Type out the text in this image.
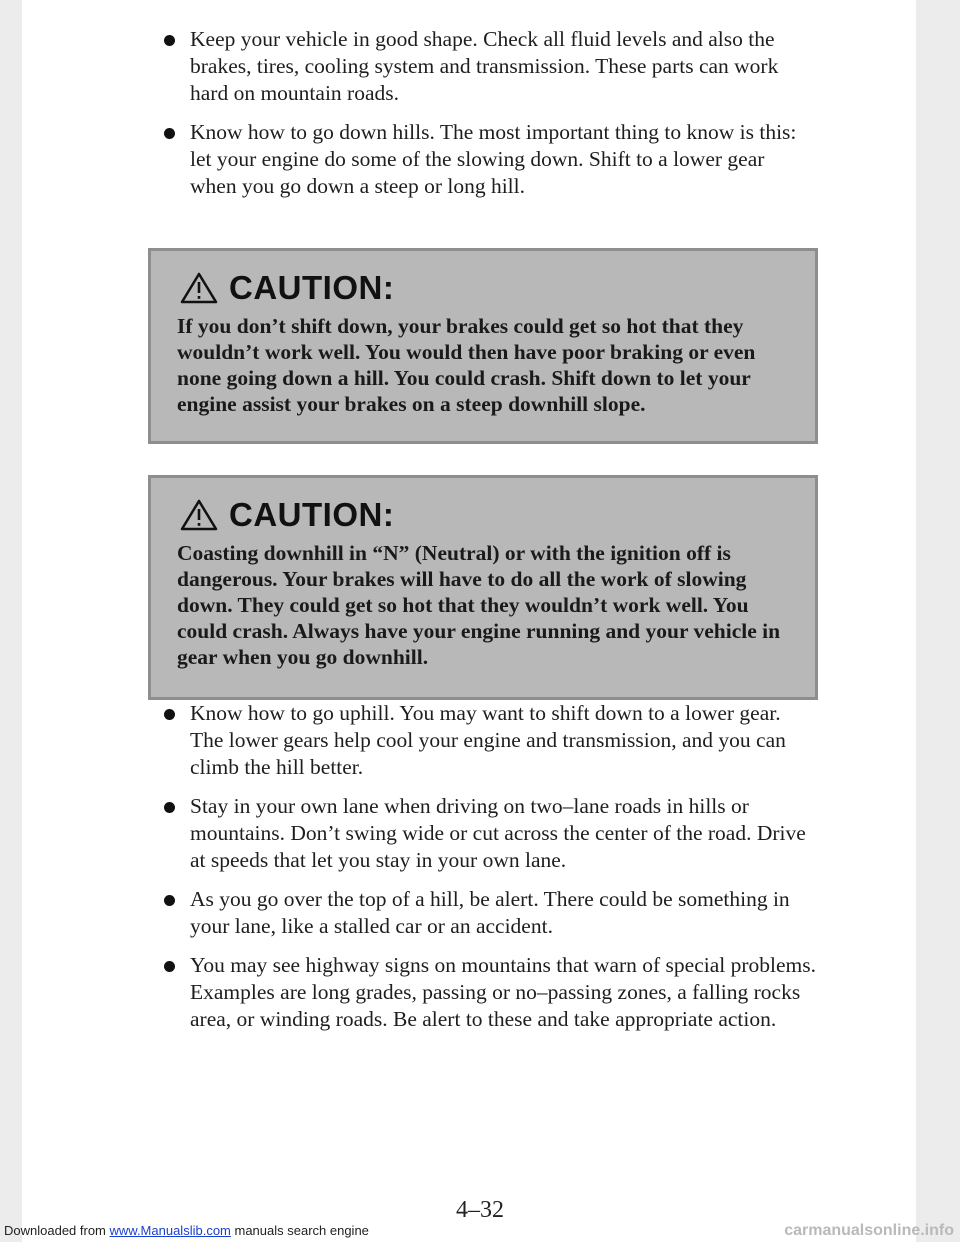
Keep your vehicle in good shape. Check all fluid levels and also the brakes, tires, cooling system and transmission. These parts can work hard on mountain roads.

Know how to go down hills. The most important thing to know is this: let your engine do some of the slowing down. Shift to a lower gear when you go down a steep or long hill.

CAUTION:

If you don’t shift down, your brakes could get so hot that they wouldn’t work well. You would then have poor braking or even none going down a hill. You could crash. Shift down to let your engine assist your brakes on a steep downhill slope.

CAUTION:

Coasting downhill in “N” (Neutral) or with the ignition off is dangerous. Your brakes will have to do all the work of slowing down. They could get so hot that they wouldn’t work well. You could crash. Always have your engine running and your vehicle in gear when you go downhill.

Know how to go uphill. You may want to shift down to a lower gear. The lower gears help cool your engine and transmission, and you can climb the hill better.

Stay in your own lane when driving on two–lane roads in hills or mountains. Don’t swing wide or cut across the center of the road. Drive at speeds that let you stay in your own lane.

As you go over the top of a hill, be alert. There could be something in your lane, like a stalled car or an accident.

You may see highway signs on mountains that warn of special problems. Examples are long grades, passing or no–passing zones, a falling rocks area, or winding roads. Be alert to these and take appropriate action.

4–32
Downloaded from www.Manualslib.com manuals search engine	carmanualsonline.info
